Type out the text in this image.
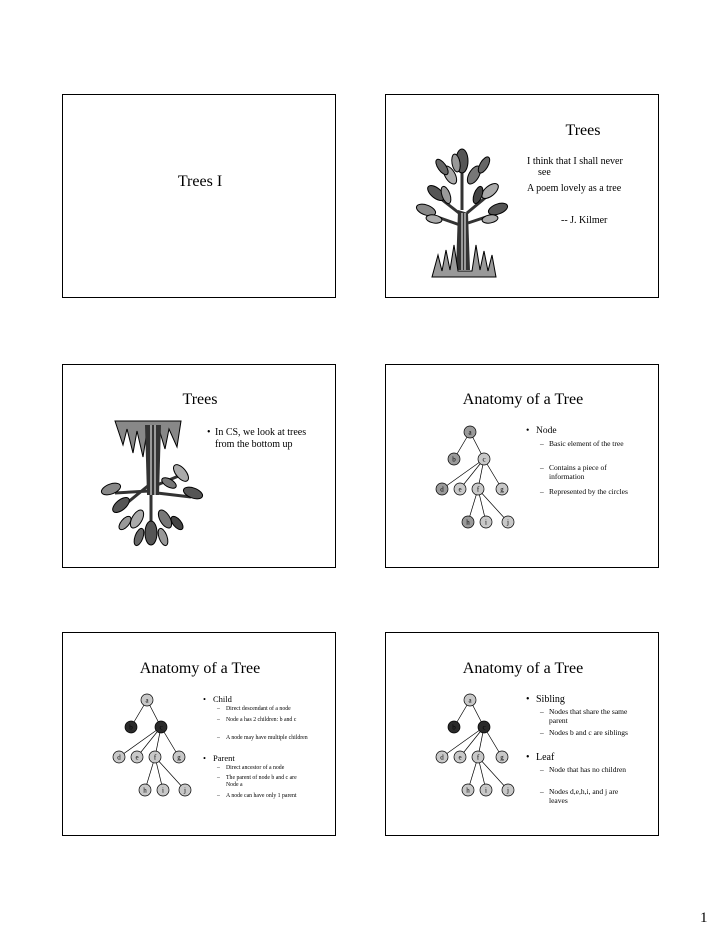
Trees I
Trees
I think that I shall never
see
A poem lovely as a tree
-- J. Kilmer
Trees
• In CS, we look at trees from the bottom up
Anatomy of a Tree
a
b	c
d e f	g
h i	j
• Node
– Basic element of the tree
– Contains a piece of information
– Represented by the circles
Anatomy of a Tree
a
b	c
d e f	g
h i	j
• Child
– Direct descendant of a node
– Node a has 2 children: b and c
– A node may have multiple children
• Parent
– Direct ancestor of a node
– The parent of node b and c are Node a
– A node can have only 1 parent
Anatomy of a Tree
a
b	c
d e f	g
h i	j
• Sibling
– Nodes that share the same parent
– Nodes b and c are siblings
• Leaf
– Node that has no children
– Nodes d,e,h,i, and j are leaves
1
